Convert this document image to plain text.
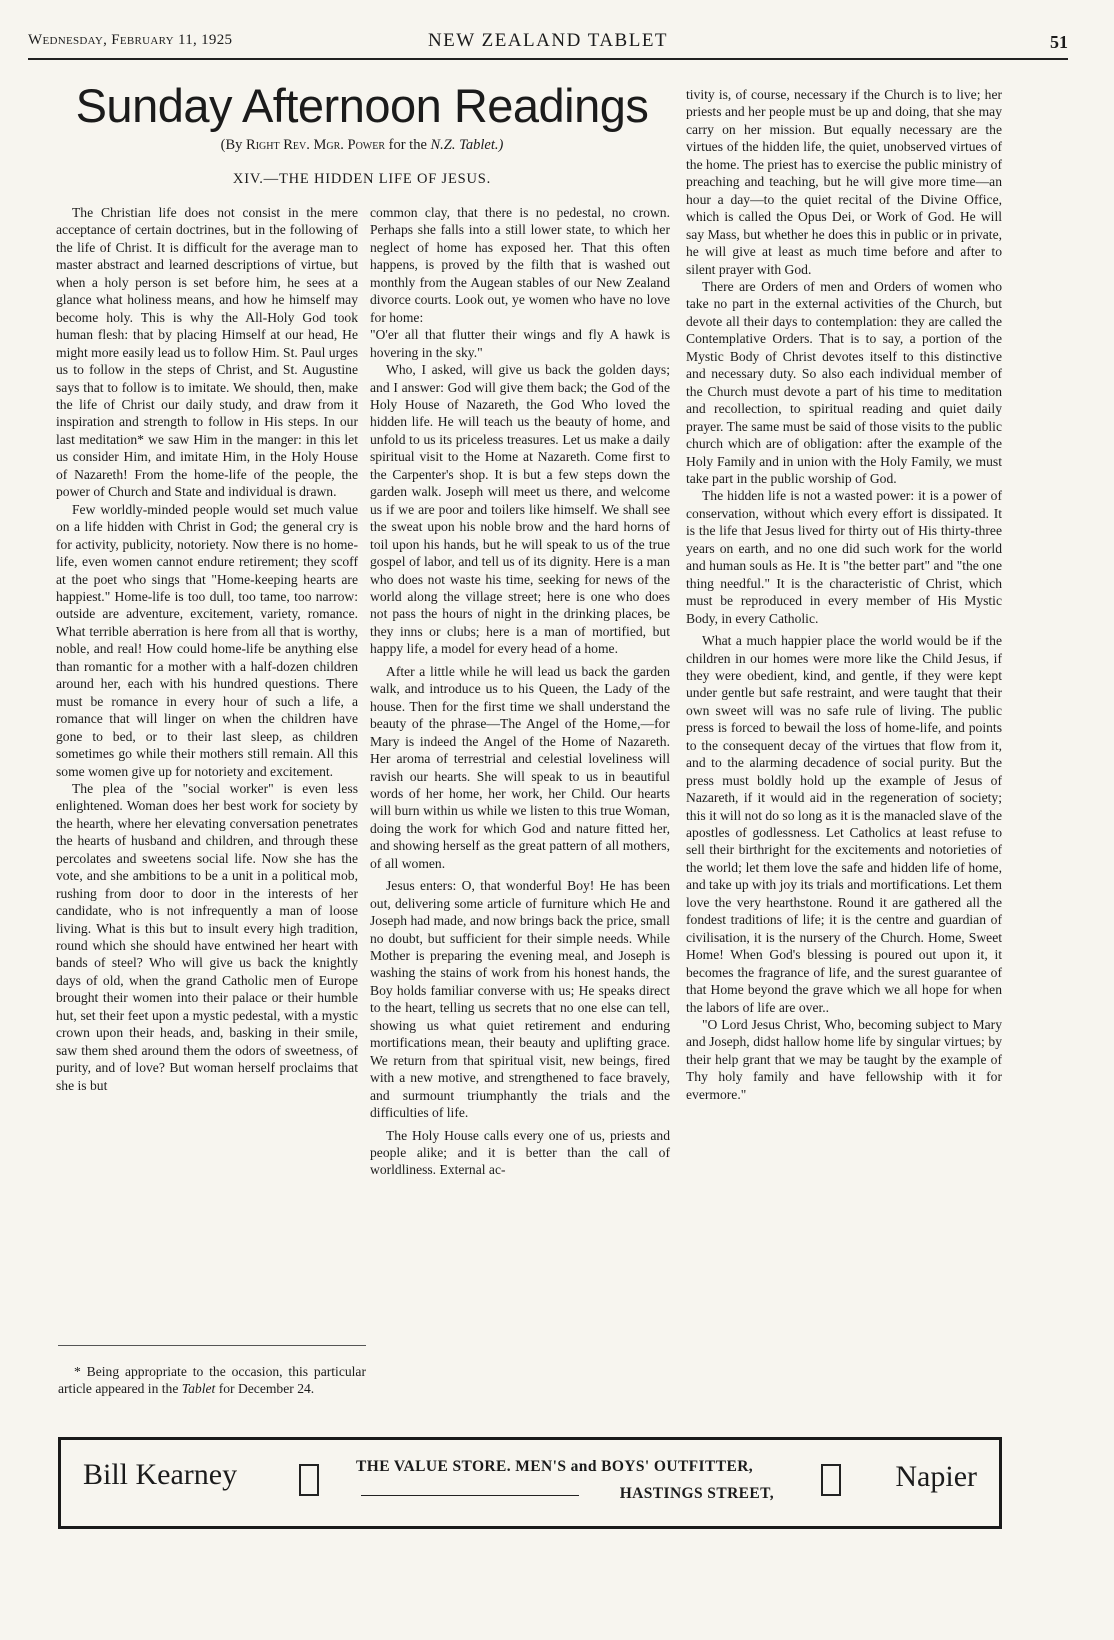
Wednesday, February 11, 1925	NEW ZEALAND TABLET	51
Sunday Afternoon Readings
(By Right Rev. Mgr. Power for the N.Z. Tablet.)
XIV.—THE HIDDEN LIFE OF JESUS.

The Christian life does not consist in the mere acceptance of certain doctrines, but in the following of the life of Christ. It is difficult for the average man to master abstract and learned descriptions of virtue, but when a holy person is set before him, he sees at a glance what holiness means, and how he himself may become holy. This is why the All-Holy God took human flesh: that by placing Himself at our head, He might more easily lead us to follow Him. St. Paul urges us to follow in the steps of Christ, and St. Augustine says that to follow is to imitate. We should, then, make the life of Christ our daily study, and draw from it inspiration and strength to follow in His steps. In our last meditation* we saw Him in the manger: in this let us consider Him, and imitate Him, in the Holy House of Nazareth! From the home-life of the people, the power of Church and State and individual is drawn.

Few worldly-minded people would set much value on a life hidden with Christ in God; the general cry is for activity, publicity, notoriety. Now there is no home-life, even women cannot endure retirement; they scoff at the poet who sings that "Home-keeping hearts are happiest." Home-life is too dull, too tame, too narrow: outside are adventure, excitement, variety, romance. What terrible aberration is here from all that is worthy, noble, and real! How could home-life be anything else than romantic for a mother with a half-dozen children around her, each with his hundred questions. There must be romance in every hour of such a life, a romance that will linger on when the children have gone to bed, or to their last sleep, as children sometimes go while their mothers still remain. All this some women give up for notoriety and excitement.

The plea of the "social worker" is even less enlightened. Woman does her best work for society by the hearth, where her elevating conversation penetrates the hearts of husband and children, and through these percolates and sweetens social life. Now she has the vote, and she ambitions to be a unit in a political mob, rushing from door to door in the interests of her candidate, who is not infrequently a man of loose living. What is this but to insult every high tradition, round which she should have entwined her heart with bands of steel? Who will give us back the knightly days of old, when the grand Catholic men of Europe brought their women into their palace or their humble hut, set their feet upon a mystic pedestal, with a mystic crown upon their heads, and, basking in their smile, saw them shed around them the odors of sweetness, of purity, and of love? But woman herself proclaims that she is but

common clay, that there is no pedestal, no crown. Perhaps she falls into a still lower state, to which her neglect of home has exposed her. That this often happens, is proved by the filth that is washed out monthly from the Augean stables of our New Zealand divorce courts. Look out, ye women who have no love for home:

"O'er all that flutter their wings and fly A hawk is hovering in the sky."

Who, I asked, will give us back the golden days; and I answer: God will give them back; the God of the Holy House of Nazareth, the God Who loved the hidden life. He will teach us the beauty of home, and unfold to us its priceless treasures. Let us make a daily spiritual visit to the Home at Nazareth. Come first to the Carpenter's shop. It is but a few steps down the garden walk. Joseph will meet us there, and welcome us if we are poor and toilers like himself. We shall see the sweat upon his noble brow and the hard horns of toil upon his hands, but he will speak to us of the true gospel of labor, and tell us of its dignity. Here is a man who does not waste his time, seeking for news of the world along the village street; here is one who does not pass the hours of night in the drinking places, be they inns or clubs; here is a man of mortified, but happy life, a model for every head of a home.

After a little while he will lead us back the garden walk, and introduce us to his Queen, the Lady of the house. Then for the first time we shall understand the beauty of the phrase—The Angel of the Home,—for Mary is indeed the Angel of the Home of Nazareth. Her aroma of terrestrial and celestial loveliness will ravish our hearts. She will speak to us in beautiful words of her home, her work, her Child. Our hearts will burn within us while we listen to this true Woman, doing the work for which God and nature fitted her, and showing herself as the great pattern of all mothers, of all women.

Jesus enters: O, that wonderful Boy! He has been out, delivering some article of furniture which He and Joseph had made, and now brings back the price, small no doubt, but sufficient for their simple needs. While Mother is preparing the evening meal, and Joseph is washing the stains of work from his honest hands, the Boy holds familiar converse with us; He speaks direct to the heart, telling us secrets that no one else can tell, showing us what quiet retirement and enduring mortifications mean, their beauty and uplifting grace. We return from that spiritual visit, new beings, fired with a new motive, and strengthened to face bravely, and surmount triumphantly the trials and the difficulties of life.

The Holy House calls every one of us, priests and people alike; and it is better than the call of worldliness. External ac-

tivity is, of course, necessary if the Church is to live; her priests and her people must be up and doing, that she may carry on her mission. But equally necessary are the virtues of the hidden life, the quiet, unobserved virtues of the home. The priest has to exercise the public ministry of preaching and teaching, but he will give more time—an hour a day—to the quiet recital of the Divine Office, which is called the Opus Dei, or Work of God. He will say Mass, but whether he does this in public or in private, he will give at least as much time before and after to silent prayer with God.

There are Orders of men and Orders of women who take no part in the external activities of the Church, but devote all their days to contemplation: they are called the Contemplative Orders. That is to say, a portion of the Mystic Body of Christ devotes itself to this distinctive and necessary duty. So also each individual member of the Church must devote a part of his time to meditation and recollection, to spiritual reading and quiet daily prayer. The same must be said of those visits to the public church which are of obligation: after the example of the Holy Family and in union with the Holy Family, we must take part in the public worship of God.

The hidden life is not a wasted power: it is a power of conservation, without which every effort is dissipated. It is the life that Jesus lived for thirty out of His thirty-three years on earth, and no one did such work for the world and human souls as He. It is "the better part" and "the one thing needful." It is the characteristic of Christ, which must be reproduced in every member of His Mystic Body, in every Catholic.

What a much happier place the world would be if the children in our homes were more like the Child Jesus, if they were obedient, kind, and gentle, if they were kept under gentle but safe restraint, and were taught that their own sweet will was no safe rule of living. The public press is forced to bewail the loss of home-life, and points to the consequent decay of the virtues that flow from it, and to the alarming decadence of social purity. But the press must boldly hold up the example of Jesus of Nazareth, if it would aid in the regeneration of society; this it will not do so long as it is the manacled slave of the apostles of godlessness. Let Catholics at least refuse to sell their birthright for the excitements and notorieties of the world; let them love the safe and hidden life of home, and take up with joy its trials and mortifications. Let them love the very hearthstone. Round it are gathered all the fondest traditions of life; it is the centre and guardian of civilisation, it is the nursery of the Church. Home, Sweet Home! When God's blessing is poured out upon it, it becomes the fragrance of life, and the surest guarantee of that Home beyond the grave which we all hope for when the labors of life are over..

"O Lord Jesus Christ, Who, becoming subject to Mary and Joseph, didst hallow home life by singular virtues; by their help grant that we may be taught by the example of Thy holy family and have fellowship with it for evermore."

* Being appropriate to the occasion, this particular article appeared in the Tablet for December 24.

Bill Kearney	THE VALUE STORE. MEN'S and BOYS' OUTFITTER,
HASTINGS STREET,
Napier
